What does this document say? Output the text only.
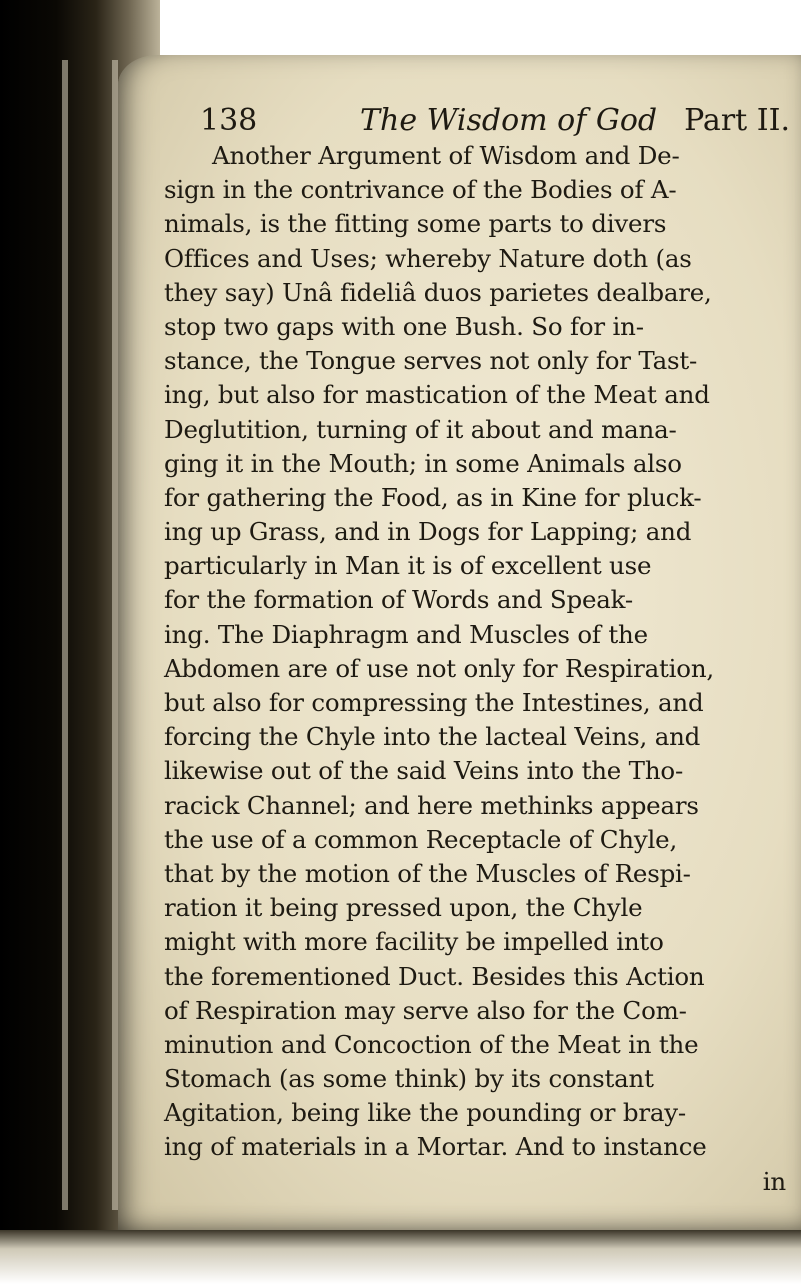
138	The Wisdom of God Part II.
Another Argument of Wisdom and De-
sign in the contrivance of the Bodies of A-
nimals, is the fitting some parts to divers
Offices and Uses; whereby Nature doth (as
they say) Unâ fideliâ duos parietes dealbare,
stop two gaps with one Bush. So for in-
stance, the Tongue serves not only for Tast-
ing, but also for mastication of the Meat and
Deglutition, turning of it about and mana-
ging it in the Mouth; in some Animals also
for gathering the Food, as in Kine for pluck-
ing up Grass, and in Dogs for Lapping; and
particularly in Man it is of excellent use
for the formation of Words and Speak-
ing. The Diaphragm and Muscles of the
Abdomen are of use not only for Respiration,
but also for compressing the Intestines, and
forcing the Chyle into the lacteal Veins, and
likewise out of the said Veins into the Tho-
racick Channel; and here methinks appears
the use of a common Receptacle of Chyle,
that by the motion of the Muscles of Respi-
ration it being pressed upon, the Chyle
might with more facility be impelled into
the forementioned Duct. Besides this Action
of Respiration may serve also for the Com-
minution and Concoction of the Meat in the
Stomach (as some think) by its constant
Agitation, being like the pounding or bray-
ing of materials in a Mortar. And to instance
in
